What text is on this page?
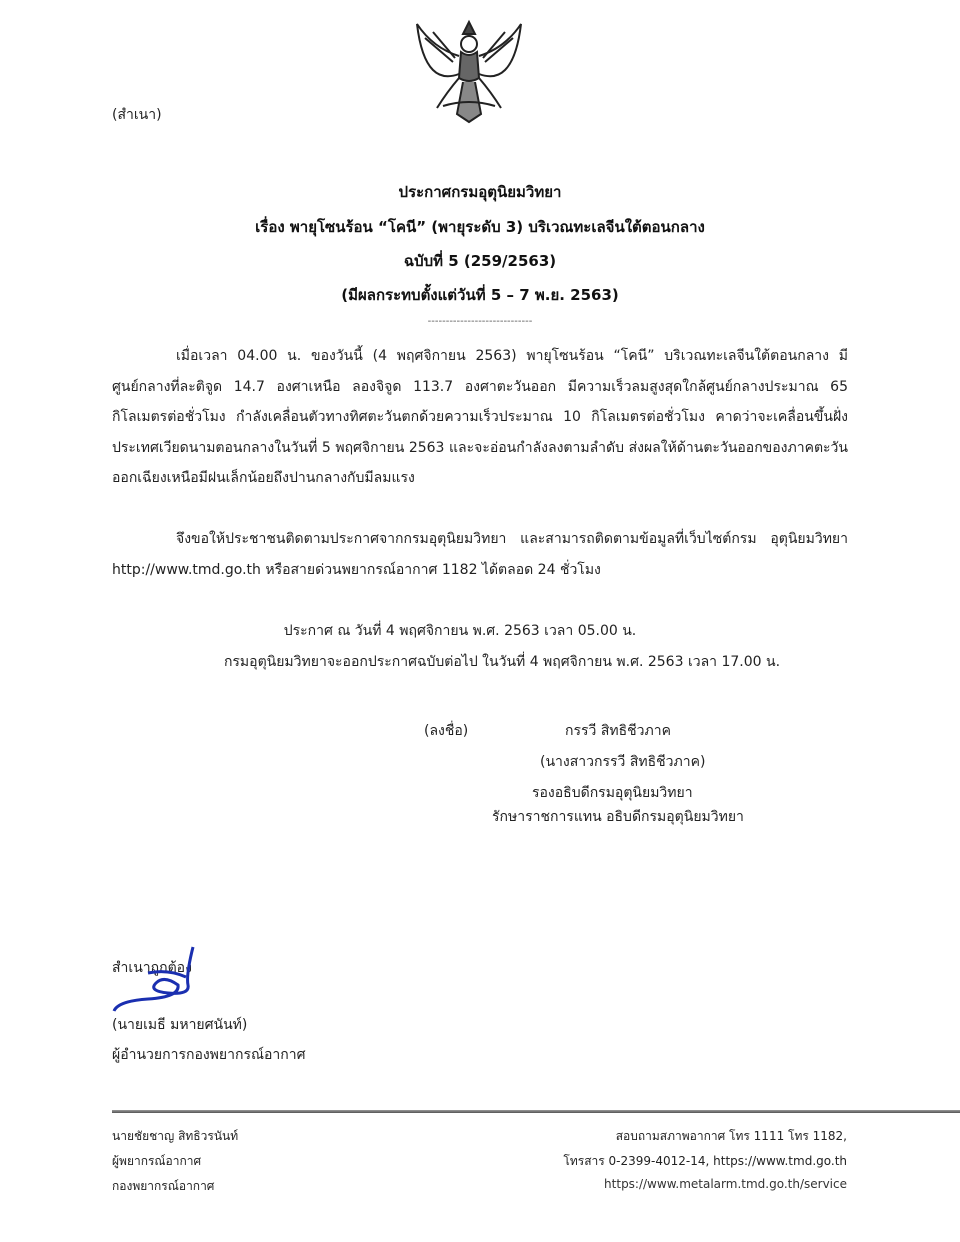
(สำเนา)
ประกาศกรมอุตุนิยมวิทยา
เรื่อง พายุโซนร้อน “โคนี” (พายุระดับ 3) บริเวณทะเลจีนใต้ตอนกลาง
ฉบับที่ 5 (259/2563)
(มีผลกระทบตั้งแต่วันที่ 5 – 7 พ.ย. 2563)
-----------------------------
เมื่อเวลา 04.00 น. ของวันนี้ (4 พฤศจิกายน 2563) พายุโซนร้อน “โคนี” บริเวณทะเลจีนใต้ตอนกลาง มีศูนย์กลางที่ละติจูด 14.7 องศาเหนือ ลองจิจูด 113.7 องศาตะวันออก มีความเร็วลมสูงสุดใกล้ศูนย์กลางประมาณ 65 กิโลเมตรต่อชั่วโมง กำลังเคลื่อนตัวทางทิศตะวันตกด้วยความเร็วประมาณ 10 กิโลเมตรต่อชั่วโมง คาดว่าจะเคลื่อนขึ้นฝั่งประเทศเวียดนามตอนกลางในวันที่ 5 พฤศจิกายน 2563 และจะอ่อนกำลังลงตามลำดับ ส่งผลให้ด้านตะวันออกของภาคตะวันออกเฉียงเหนือมีฝนเล็กน้อยถึงปานกลางกับมีลมแรง
จึงขอให้ประชาชนติดตามประกาศจากกรมอุตุนิยมวิทยา และสามารถติดตามข้อมูลที่เว็บไซต์กรม อุตุนิยมวิทยา http://www.tmd.go.th หรือสายด่วนพยากรณ์อากาศ 1182 ได้ตลอด 24 ชั่วโมง
ประกาศ ณ วันที่ 4 พฤศจิกายน พ.ศ. 2563 เวลา 05.00 น.
กรมอุตุนิยมวิทยาจะออกประกาศฉบับต่อไป ในวันที่ 4 พฤศจิกายน พ.ศ. 2563 เวลา 17.00 น.
(ลงชื่อ)	กรรวี สิทธิชีวภาค
(นางสาวกรรวี สิทธิชีวภาค)
รองอธิบดีกรมอุตุนิยมวิทยา
รักษาราชการแทน อธิบดีกรมอุตุนิยมวิทยา
สำเนาถูกต้อง
(นายเมธี มหายศนันท์)
ผู้อำนวยการกองพยากรณ์อากาศ
นายชัยชาญ สิทธิวรนันท์
ผู้พยากรณ์อากาศ
กองพยากรณ์อากาศ
สอบถามสภาพอากาศ โทร 1111 โทร 1182,
โทรสาร 0-2399-4012-14, https://www.tmd.go.th
https://www.metalarm.tmd.go.th/service
